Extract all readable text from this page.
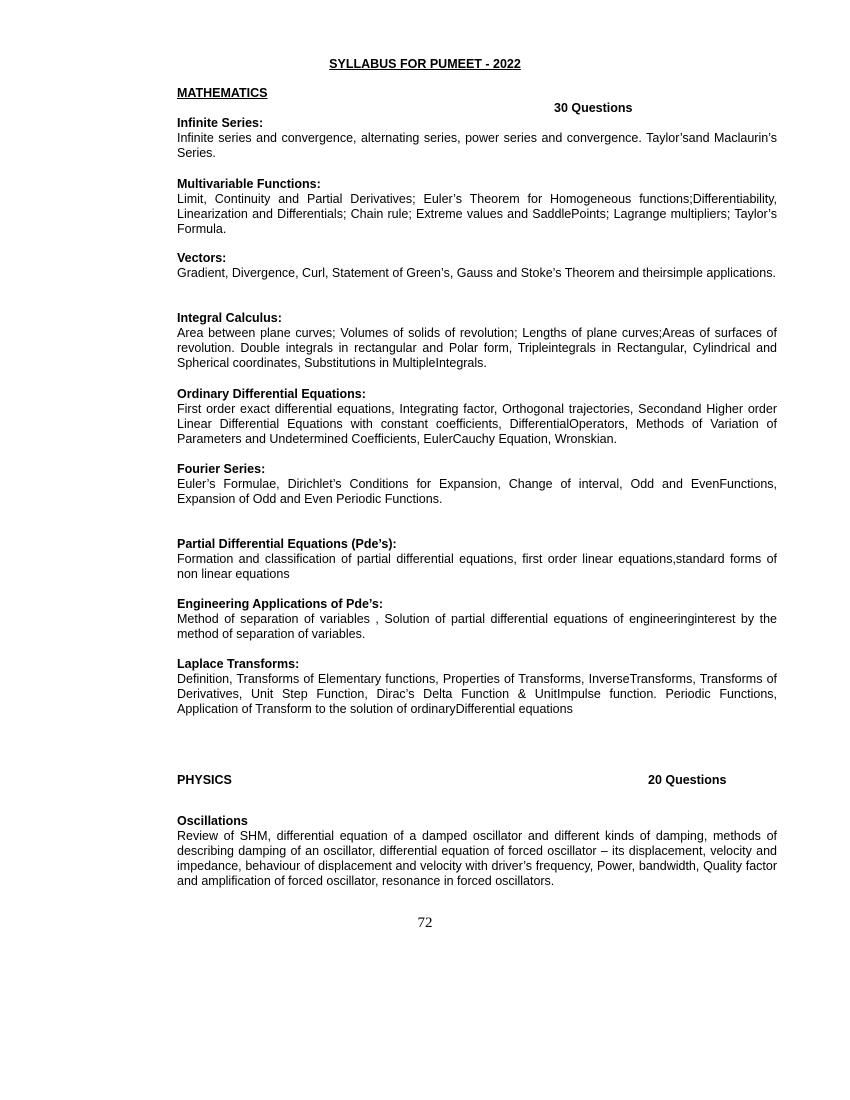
SYLLABUS FOR PUMEET - 2022
MATHEMATICS
30 Questions
Infinite Series:
Infinite series and convergence, alternating series, power series and convergence. Taylor’sand Maclaurin’s Series.
Multivariable Functions:
Limit, Continuity and Partial Derivatives; Euler’s Theorem for Homogeneous functions;Differentiability, Linearization and Differentials; Chain rule; Extreme values and SaddlePoints; Lagrange multipliers; Taylor’s Formula.
Vectors:
Gradient, Divergence, Curl, Statement of Green’s, Gauss and Stoke’s Theorem and theirsimple applications.
Integral Calculus:
Area between plane curves; Volumes of solids of revolution; Lengths of plane curves;Areas of surfaces of revolution. Double integrals in rectangular and Polar form, Tripleintegrals in Rectangular, Cylindrical and Spherical coordinates, Substitutions in MultipleIntegrals.
Ordinary Differential Equations:
First order exact differential equations, Integrating factor, Orthogonal trajectories, Secondand Higher order Linear Differential Equations with constant coefficients, DifferentialOperators, Methods of Variation of Parameters and Undetermined Coefficients, EulerCauchy Equation, Wronskian.
Fourier Series:
Euler’s Formulae, Dirichlet’s Conditions for Expansion, Change of interval, Odd and EvenFunctions, Expansion of Odd and Even Periodic Functions.
Partial Differential Equations (Pde’s):
Formation and classification of partial differential equations, first order linear equations,standard forms of non linear equations
Engineering Applications of Pde’s:
Method of separation of variables , Solution of partial differential equations of engineeringinterest by the method of separation of variables.
Laplace Transforms:
Definition, Transforms of Elementary functions, Properties of Transforms, InverseTransforms, Transforms of Derivatives, Unit Step Function, Dirac’s Delta Function & UnitImpulse function. Periodic Functions, Application of Transform to the solution of ordinaryDifferential equations
PHYSICS	20 Questions
Oscillations
Review of SHM, differential equation of a damped oscillator and different kinds of damping, methods of describing damping of an oscillator, differential equation of forced oscillator – its displacement, velocity and impedance, behaviour of displacement and velocity with driver’s frequency, Power, bandwidth, Quality factor and amplification of forced oscillator, resonance in forced oscillators.
72
